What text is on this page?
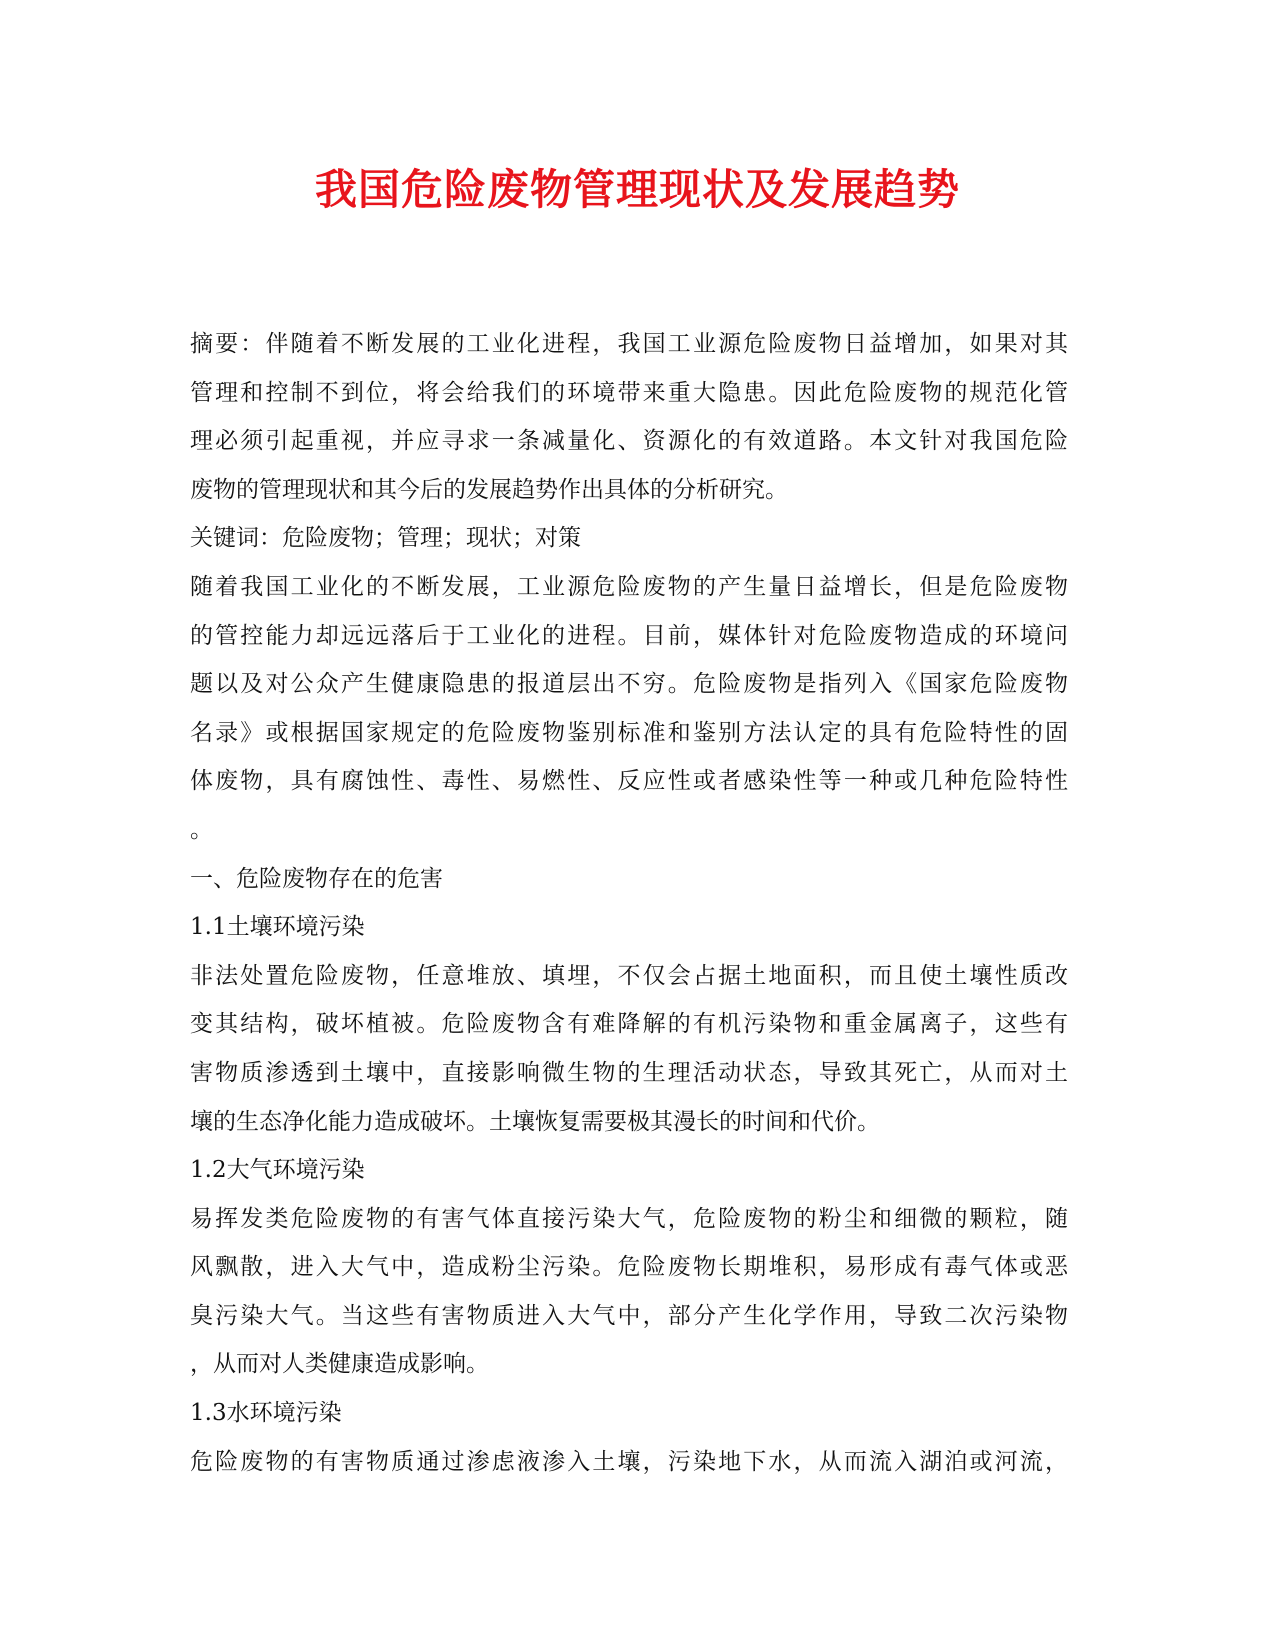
我国危险废物管理现状及发展趋势
摘要：伴随着不断发展的工业化进程，我国工业源危险废物日益增加，如果对其
管理和控制不到位，将会给我们的环境带来重大隐患。因此危险废物的规范化管
理必须引起重视，并应寻求一条减量化、资源化的有效道路。本文针对我国危险
废物的管理现状和其今后的发展趋势作出具体的分析研究。
关键词：危险废物；管理；现状；对策
随着我国工业化的不断发展，工业源危险废物的产生量日益增长，但是危险废物
的管控能力却远远落后于工业化的进程。目前，媒体针对危险废物造成的环境问
题以及对公众产生健康隐患的报道层出不穷。危险废物是指列入《国家危险废物
名录》或根据国家规定的危险废物鉴别标准和鉴别方法认定的具有危险特性的固
体废物，具有腐蚀性、毒性、易燃性、反应性或者感染性等一种或几种危险特性
。
一、危险废物存在的危害
1.1土壤环境污染
非法处置危险废物，任意堆放、填埋，不仅会占据土地面积，而且使土壤性质改
变其结构，破坏植被。危险废物含有难降解的有机污染物和重金属离子，这些有
害物质渗透到土壤中，直接影响微生物的生理活动状态，导致其死亡，从而对土
壤的生态净化能力造成破坏。土壤恢复需要极其漫长的时间和代价。
1.2大气环境污染
易挥发类危险废物的有害气体直接污染大气，危险废物的粉尘和细微的颗粒，随
风飘散，进入大气中，造成粉尘污染。危险废物长期堆积，易形成有毒气体或恶
臭污染大气。当这些有害物质进入大气中，部分产生化学作用，导致二次污染物
，从而对人类健康造成影响。
1.3水环境污染
危险废物的有害物质通过渗虑液渗入土壤，污染地下水，从而流入湖泊或河流，
